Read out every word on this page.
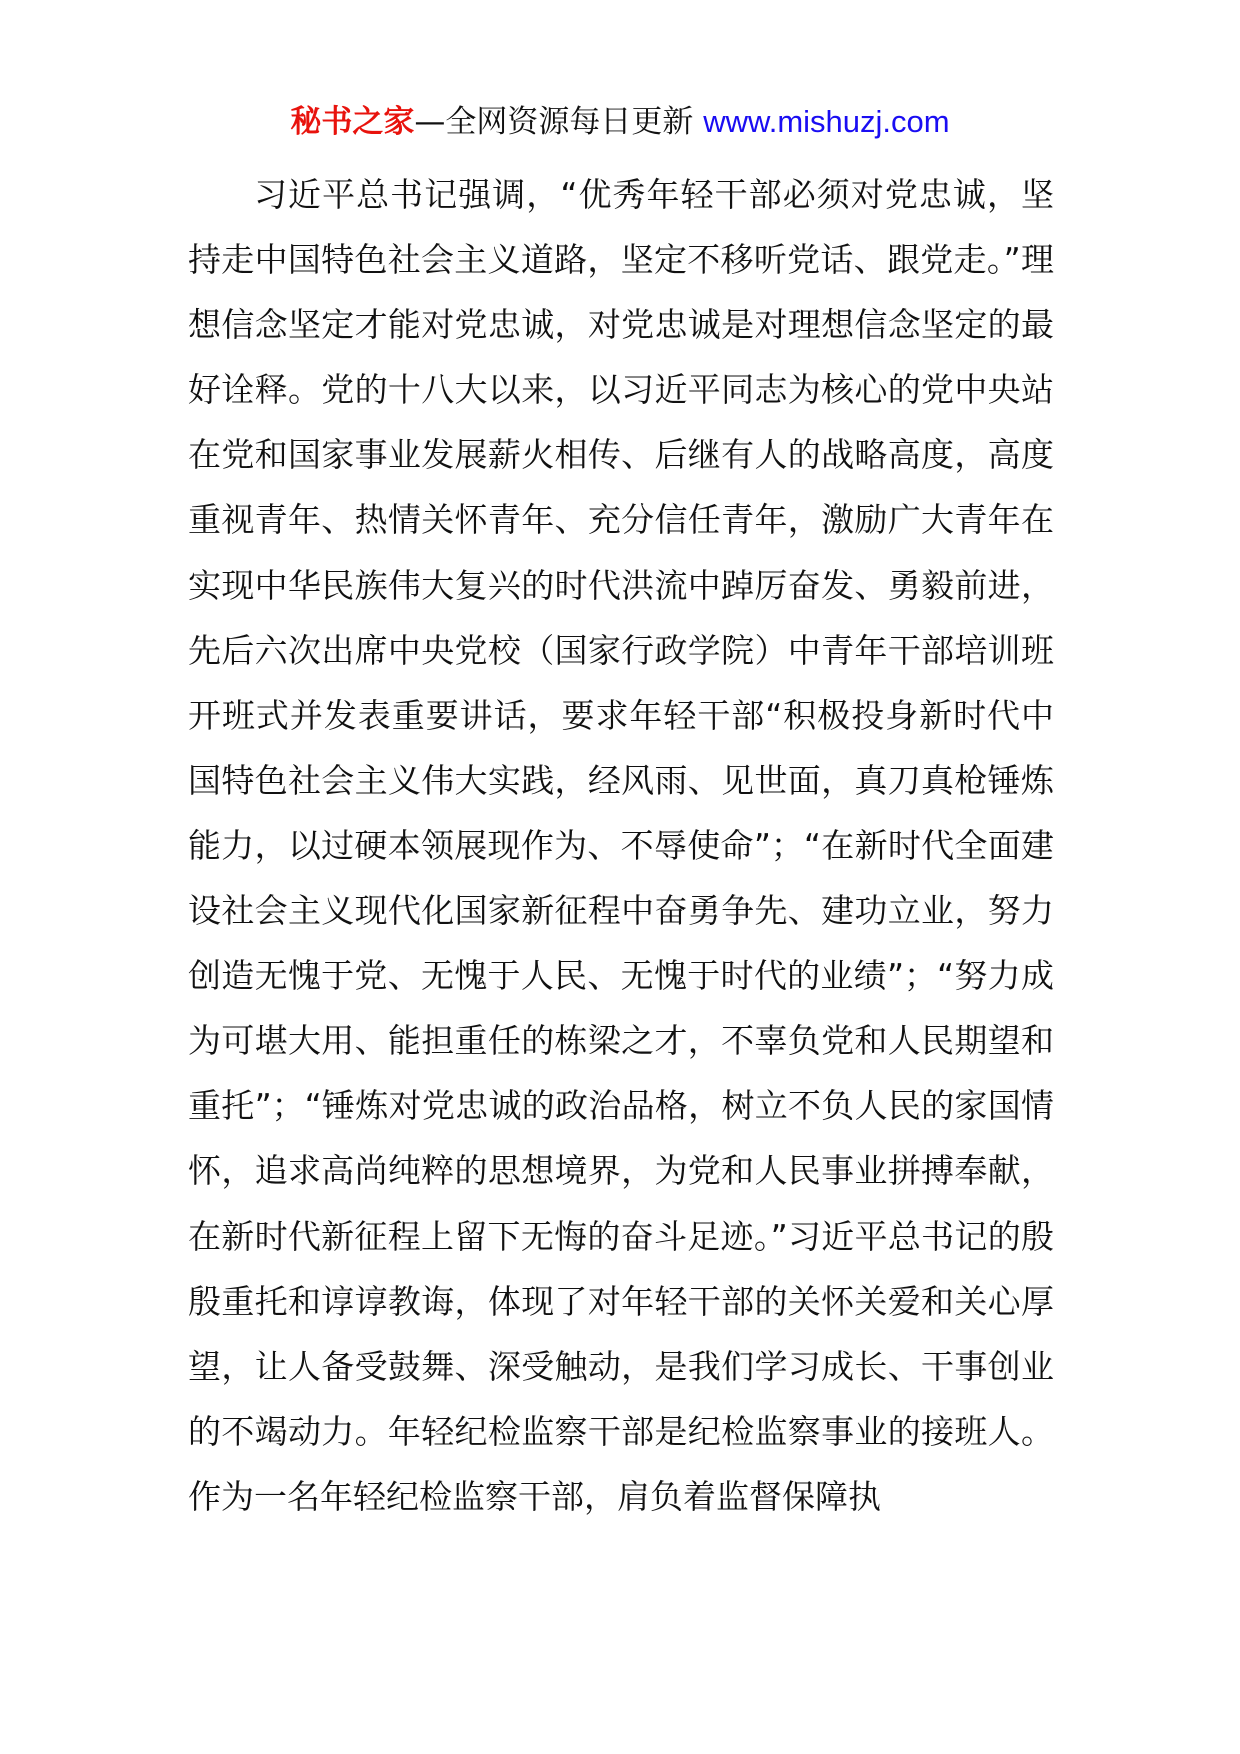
秘书之家—全网资源每日更新 www.mishuzj.com

习近平总书记强调，“优秀年轻干部必须对党忠诚，坚持走中国特色社会主义道路，坚定不移听党话、跟党走。”理想信念坚定才能对党忠诚，对党忠诚是对理想信念坚定的最好诠释。党的十八大以来，以习近平同志为核心的党中央站在党和国家事业发展薪火相传、后继有人的战略高度，高度重视青年、热情关怀青年、充分信任青年，激励广大青年在实现中华民族伟大复兴的时代洪流中踔厉奋发、勇毅前进，先后六次出席中央党校（国家行政学院）中青年干部培训班开班式并发表重要讲话，要求年轻干部“积极投身新时代中国特色社会主义伟大实践，经风雨、见世面，真刀真枪锤炼能力，以过硬本领展现作为、不辱使命”；“在新时代全面建设社会主义现代化国家新征程中奋勇争先、建功立业，努力创造无愧于党、无愧于人民、无愧于时代的业绩”；“努力成为可堪大用、能担重任的栋梁之才，不辜负党和人民期望和重托”；“锤炼对党忠诚的政治品格，树立不负人民的家国情怀，追求高尚纯粹的思想境界，为党和人民事业拼搏奉献，在新时代新征程上留下无悔的奋斗足迹。”习近平总书记的殷殷重托和谆谆教诲，体现了对年轻干部的关怀关爱和关心厚望，让人备受鼓舞、深受触动，是我们学习成长、干事创业的不竭动力。年轻纪检监察干部是纪检监察事业的接班人。作为一名年轻纪检监察干部，肩负着监督保障执
